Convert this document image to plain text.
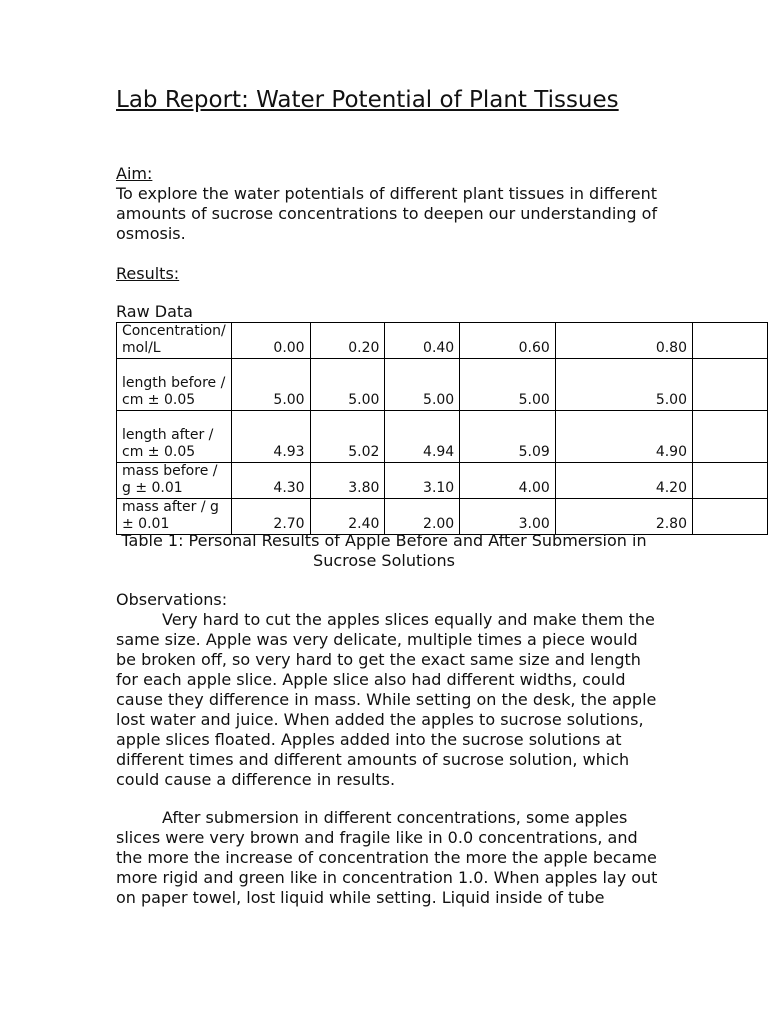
Lab Report: Water Potential of Plant Tissues
Aim:

To explore the water potentials of different plant tissues in different amounts of sucrose concentrations to deepen our understanding of osmosis.

Results:
Raw Data
Concentration/ mol/L	0.00	0.20	0.40	0.60	0.80	
length before / cm ± 0.05	5.00	5.00	5.00	5.00	5.00	
length after / cm ± 0.05	4.93	5.02	4.94	5.09	4.90	
mass before / g ± 0.01	4.30	3.80	3.10	4.00	4.20	
mass after / g ± 0.01	2.70	2.40	2.00	3.00	2.80	
Table 1: Personal Results of Apple Before and After Submersion in Sucrose Solutions
Observations:

Very hard to cut the apples slices equally and make them the same size. Apple was very delicate, multiple times a piece would be broken off, so very hard to get the exact same size and length for each apple slice. Apple slice also had different widths, could cause they difference in mass. While setting on the desk, the apple lost water and juice. When added the apples to sucrose solutions, apple slices floated. Apples added into the sucrose solutions at different times and different amounts of sucrose solution, which could cause a difference in results.

After submersion in different concentrations, some apples slices were very brown and fragile like in 0.0 concentrations, and the more the increase of concentration the more the apple became more rigid and green like in concentration 1.0. When apples lay out on paper towel, lost liquid while setting. Liquid inside of tube
